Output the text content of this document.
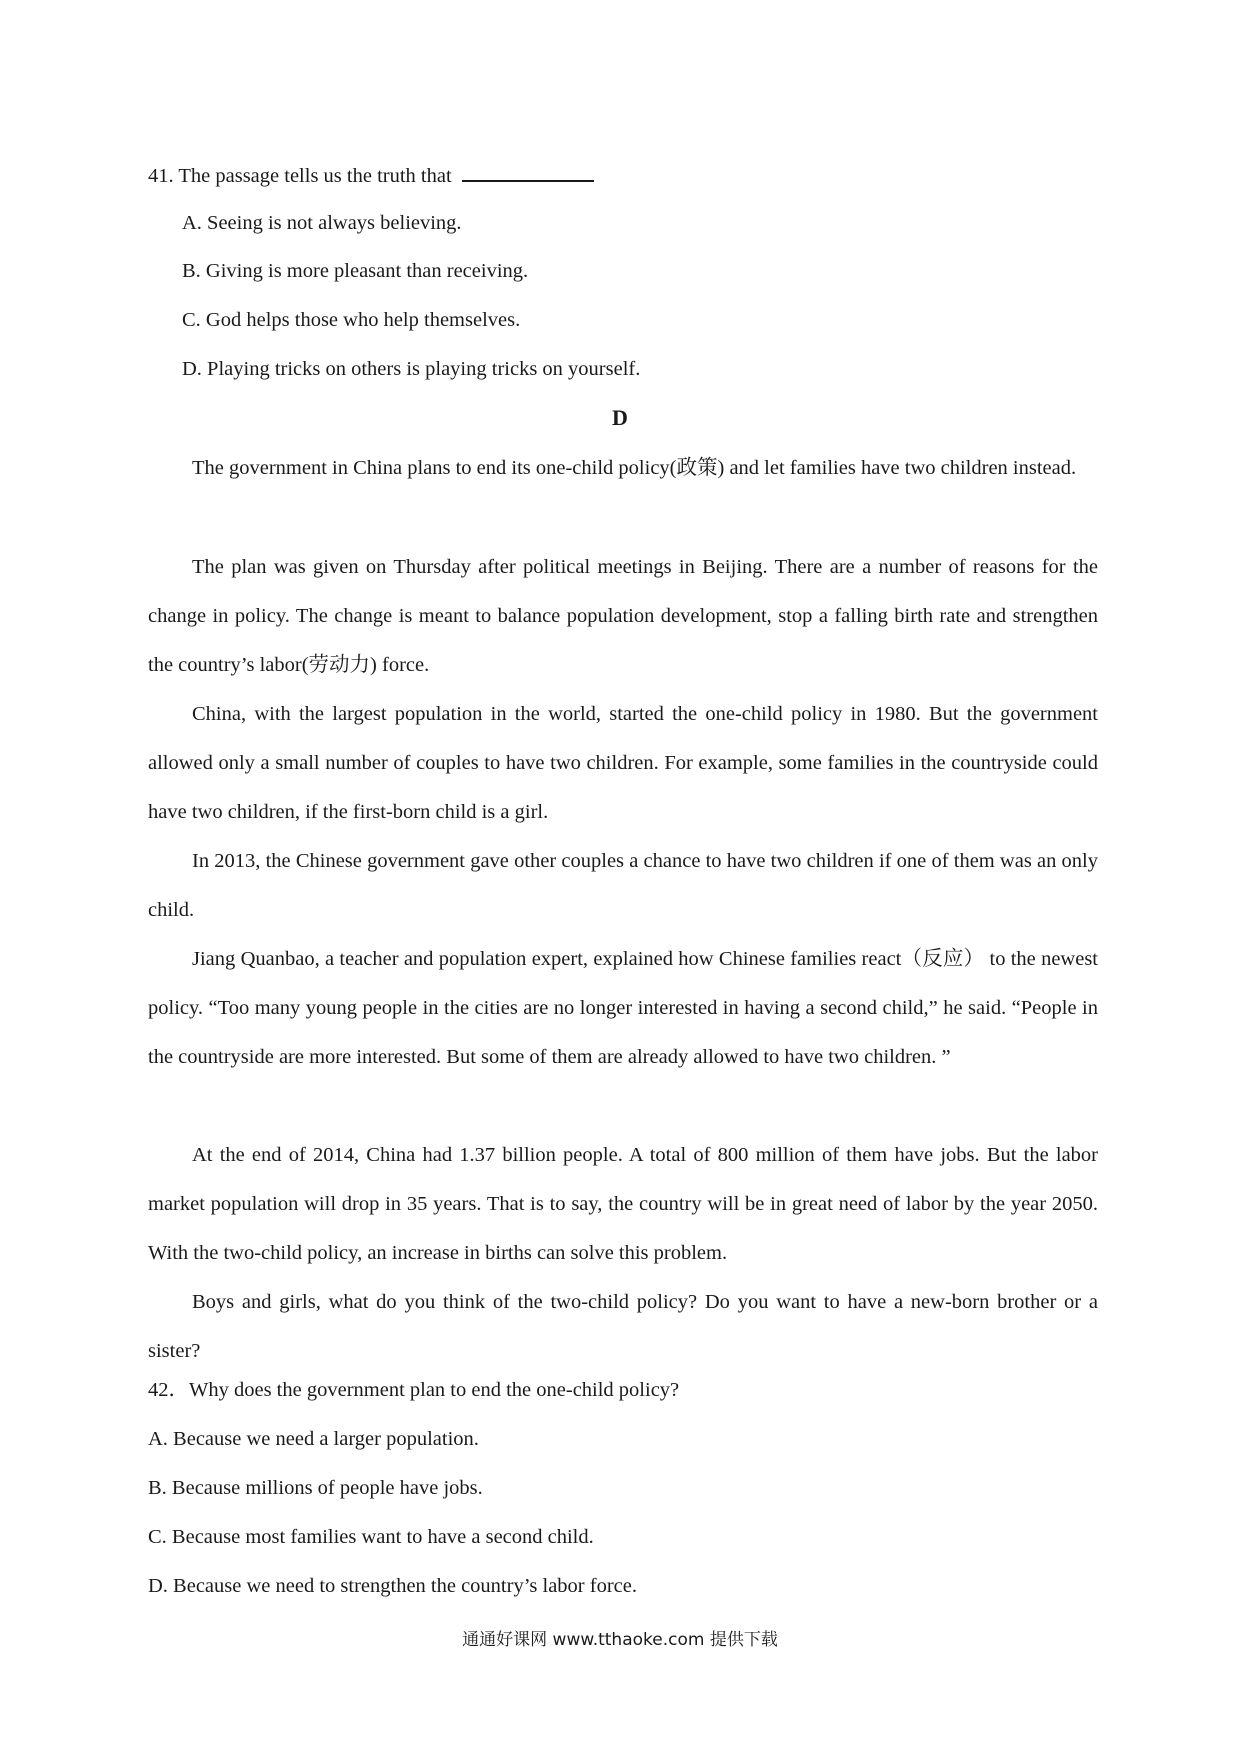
41. The passage tells us the truth that
A. Seeing is not always believing.
B. Giving is more pleasant than receiving.
C. God helps those who help themselves.
D. Playing tricks on others is playing tricks on yourself.
D

The government in China plans to end its one-child policy(政策) and let families have two children instead.

The plan was given on Thursday after political meetings in Beijing. There are a number of reasons for the change in policy. The change is meant to balance population development, stop a falling birth rate and strengthen the country’s labor(劳动力) force.

China, with the largest population in the world, started the one-child policy in 1980. But the government allowed only a small number of couples to have two children. For example, some families in the countryside could have two children, if the first-born child is a girl.

In 2013, the Chinese government gave other couples a chance to have two children if one of them was an only child.

Jiang Quanbao, a teacher and population expert, explained how Chinese families react（反应） to the newest policy. “Too many young people in the cities are no longer interested in having a second child,” he said. “People in the countryside are more interested. But some of them are already allowed to have two children. ”

At the end of 2014, China had 1.37 billion people. A total of 800 million of them have jobs. But the labor market population will drop in 35 years. That is to say, the country will be in great need of labor by the year 2050. With the two-child policy, an increase in births can solve this problem.

Boys and girls, what do you think of the two-child policy? Do you want to have a new-born brother or a sister?

42．Why does the government plan to end the one-child policy?
A. Because we need a larger population.
B. Because millions of people have jobs.
C. Because most families want to have a second child.
D. Because we need to strengthen the country’s labor force.
通通好课网 www.tthaoke.com 提供下载
